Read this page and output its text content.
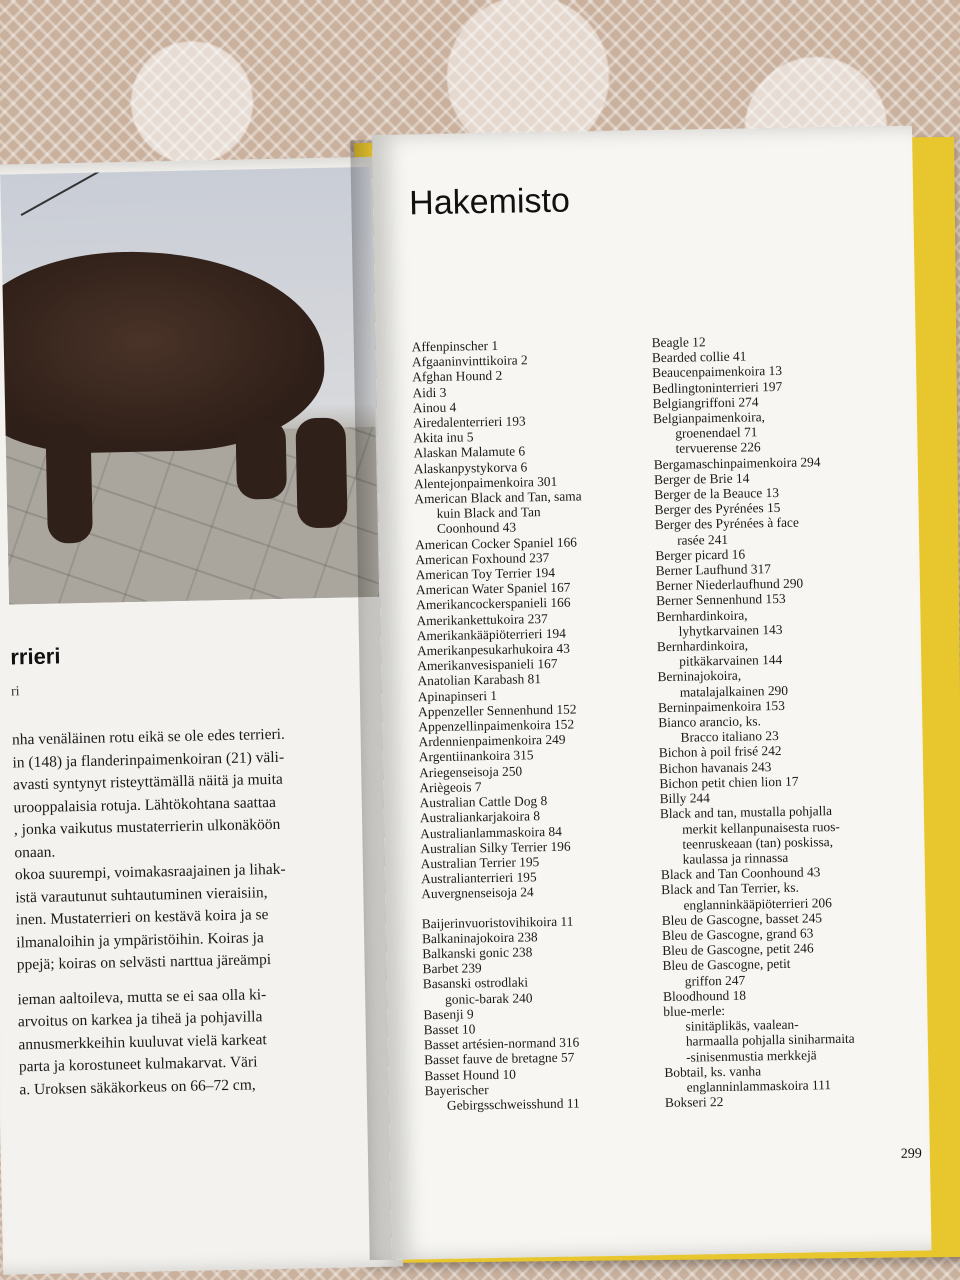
rrieri
ri

nha venäläinen rotu eikä se ole edes terrieri.

in (148) ja flanderinpaimenkoiran (21) väli-

avasti syntynyt risteyttämällä näitä ja muita

urooppalaisia rotuja. Lähtökohtana saattaa

, jonka vaikutus mustaterrierin ulkonäköön

onaan.

okoa suurempi, voimakasraajainen ja lihak-

istä varautunut suhtautuminen vieraisiin,

inen. Mustaterrieri on kestävä koira ja se

ilmanaloihin ja ympäristöihin. Koiras ja

ppejä; koiras on selvästi narttua järeämpi

ieman aaltoileva, mutta se ei saa olla ki-

arvoitus on karkea ja tiheä ja pohjavilla

annusmerkkeihin kuuluvat vielä karkeat

parta ja korostuneet kulmakarvat. Väri

a. Uroksen säkäkorkeus on 66–72 cm,

Hakemisto
Affenpinscher 1
Afgaaninvinttikoira 2
Afghan Hound 2
Aidi 3
Ainou 4
Airedalenterrieri 193
Akita inu 5
Alaskan Malamute 6
Alaskanpystykorva 6
Alentejonpaimenkoira 301
American Black and Tan, sama
kuin Black and Tan
Coonhound 43
American Cocker Spaniel 166
American Foxhound 237
American Toy Terrier 194
American Water Spaniel 167
Amerikancockerspanieli 166
Amerikankettukoira 237
Amerikankääpiöterrieri 194
Amerikanpesukarhukoira 43
Amerikanvesispanieli 167
Anatolian Karabash 81
Apinapinseri 1
Appenzeller Sennenhund 152
Appenzellinpaimenkoira 152
Ardennienpaimenkoira 249
Argentiinankoira 315
Ariegenseisoja 250
Ariègeois 7
Australian Cattle Dog 8
Australiankarjakoira 8
Australianlammaskoira 84
Australian Silky Terrier 196
Australian Terrier 195
Australianterrieri 195
Auvergnenseisoja 24
Baijerinvuoristovihikoira 11
Balkaninajokoira 238
Balkanski gonic 238
Barbet 239
Basanski ostrodlaki
gonic-barak 240
Basenji 9
Basset 10
Basset artésien-normand 316
Basset fauve de bretagne 57
Basset Hound 10
Bayerischer
Gebirgsschweisshund 11
Beagle 12
Bearded collie 41
Beaucenpaimenkoira 13
Bedlingtoninterrieri 197
Belgiangriffoni 274
Belgianpaimenkoira,
groenendael 71
tervuerense 226
Bergamaschinpaimenkoira 294
Berger de Brie 14
Berger de la Beauce 13
Berger des Pyrénées 15
Berger des Pyrénées à face
rasée 241
Berger picard 16
Berner Laufhund 317
Berner Niederlaufhund 290
Berner Sennenhund 153
Bernhardinkoira,
lyhytkarvainen 143
Bernhardinkoira,
pitkäkarvainen 144
Berninajokoira,
matalajalkainen 290
Berninpaimenkoira 153
Bianco arancio, ks.
Bracco italiano 23
Bichon à poil frisé 242
Bichon havanais 243
Bichon petit chien lion 17
Billy 244
Black and tan, mustalla pohjalla
merkit kellanpunaisesta ruos-
teenruskeaan (tan) poskissa,
kaulassa ja rinnassa
Black and Tan Coonhound 43
Black and Tan Terrier, ks.
englanninkääpiöterrieri 206
Bleu de Gascogne, basset 245
Bleu de Gascogne, grand 63
Bleu de Gascogne, petit 246
Bleu de Gascogne, petit
griffon 247
Bloodhound 18
blue-merle:
sinitäplikäs, vaalean-
harmaalla pohjalla siniharmaita
-sinisenmustia merkkejä
Bobtail, ks. vanha
englanninlammaskoira 111
Bokseri 22
299
